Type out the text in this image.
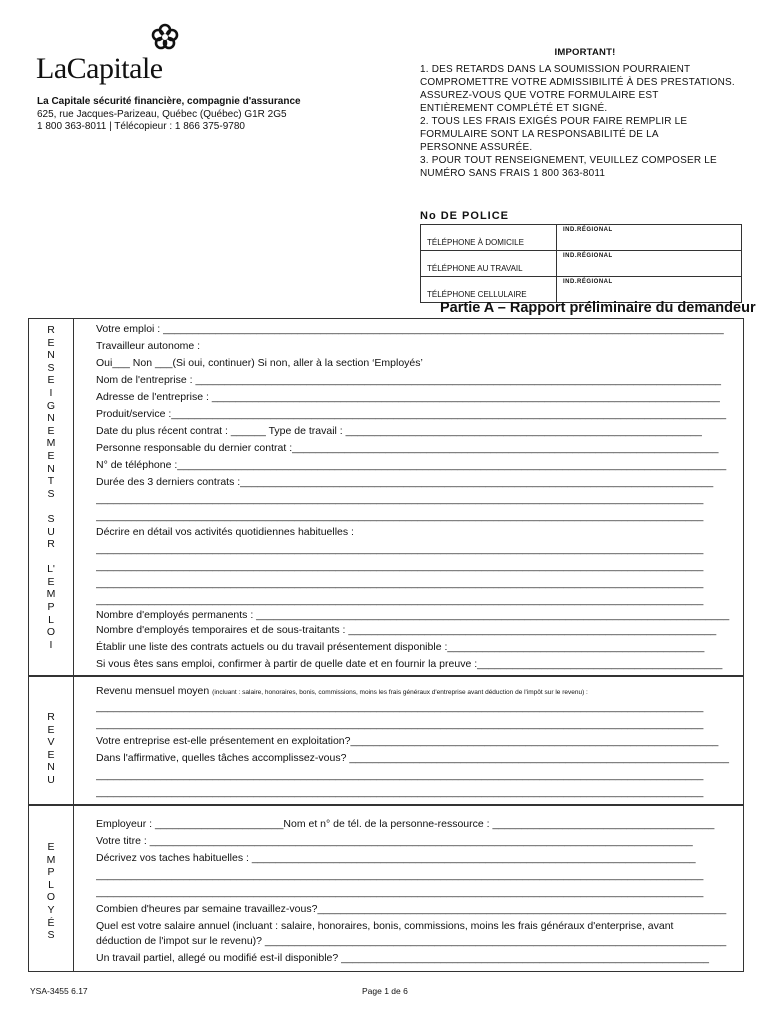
LaCapitale
La Capitale sécurité financière, compagnie d'assurance
625, rue Jacques-Parizeau, Québec (Québec) G1R 2G5
1 800 363-8011 | Télécopieur : 1 866 375-9780
IMPORTANT!
1. DES RETARDS DANS LA SOUMISSION POURRAIENT
COMPROMETTRE VOTRE ADMISSIBILITÉ À DES PRESTATIONS.
ASSUREZ-VOUS QUE VOTRE FORMULAIRE EST
ENTIÈREMENT COMPLÉTÉ ET SIGNÉ.
2. TOUS LES FRAIS EXIGÉS POUR FAIRE REMPLIR LE
FORMULAIRE SONT LA RESPONSABILITÉ DE LA
PERSONNE ASSURÉE.
3. POUR TOUT RENSEIGNEMENT, VEUILLEZ COMPOSER LE
NUMÉRO SANS FRAIS 1 800 363-8011
No DE POLICE
TÉLÉPHONE À DOMICILE	IND.RÉGIONAL
TÉLÉPHONE AU TRAVAIL	IND.RÉGIONAL
TÉLÉPHONE CELLULAIRE	IND.RÉGIONAL
Partie A – Rapport préliminaire du demandeur
R
E
N
S
E
I
G
N
E
M
E
N
T
S

S
U
R

L'
E
M
P
L
O
I
Votre emploi : ________________________________________________________________________________________________
Travailleur autonome :
Oui___ Non ___(Si oui, continuer) Si non, aller à la section ‘Employés’
Nom de l'entreprise : __________________________________________________________________________________________
Adresse de l'entreprise : _______________________________________________________________________________________
Produit/service :_______________________________________________________________________________________________
Date du plus récent contrat : ______ Type de travail : _____________________________________________________________
Personne responsable du dernier contrat :_________________________________________________________________________
N° de téléphone :______________________________________________________________________________________________
Durée des 3 derniers contrats :_________________________________________________________________________________
________________________________________________________________________________________________________
________________________________________________________________________________________________________
Décrire en détail vos activités quotidiennes habituelles :
________________________________________________________________________________________________________
________________________________________________________________________________________________________
________________________________________________________________________________________________________
________________________________________________________________________________________________________
Nombre d'employés permanents : _________________________________________________________________________________
Nombre d'employés temporaires et de sous-traitants : _______________________________________________________________
Établir une liste des contrats actuels ou du travail présentement disponible :____________________________________________
Si vous êtes sans emploi, confirmer à partir de quelle date et en fournir la preuve :__________________________________________
R
E
V
E
N
U
Revenu mensuel moyen (incluant : salaire, honoraires, bonis, commissions, moins les frais généraux d'entreprise avant déduction de l'impôt sur le revenu) :
________________________________________________________________________________________________________
________________________________________________________________________________________________________
Votre entreprise est-elle présentement en exploitation?_______________________________________________________________
Dans l'affirmative, quelles tâches accomplissez-vous? _________________________________________________________________
________________________________________________________________________________________________________
________________________________________________________________________________________________________
E
M
P
L
O
Y
É
S
Employeur : ______________________Nom et n° de tél. de la personne-ressource : ______________________________________
Votre titre : _____________________________________________________________________________________________
Décrivez vos taches habituelles : ____________________________________________________________________________
________________________________________________________________________________________________________
________________________________________________________________________________________________________
Combien d'heures par semaine travaillez-vous?______________________________________________________________________
Quel est votre salaire annuel (incluant : salaire, honoraires, bonis, commissions, moins les frais généraux d'enterprise, avant
déduction de l'impot sur le revenu)? _______________________________________________________________________________
Un travail partiel, allegé ou modifié est-il disponible? _______________________________________________________________
YSA-3455 6.17	Page 1 de 6
